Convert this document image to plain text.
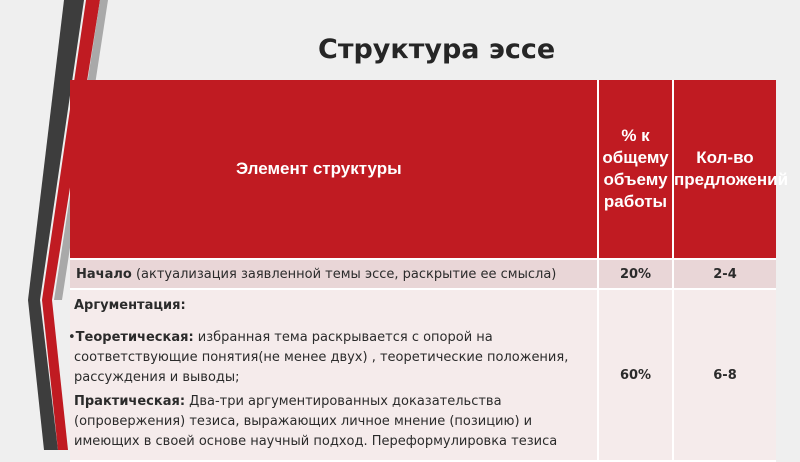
Структура эссе
Элемент структуры	% к общему объему работы	Кол-во предложений
Начало (актуализация заявленной темы эссе, раскрытие ее смысла)	20%	2-4

Аргументация:
•Теоретическая: избранная тема раскрывается с опорой на соответствующие понятия(не менее двух) , теоретические положения, рассуждения и выводы;
Практическая: Два-три аргументированных доказательства (опровержения) тезиса, выражающих личное мнение (позицию) и имеющих в своей основе научный подход. Переформулировка тезиса	60%	6-8
